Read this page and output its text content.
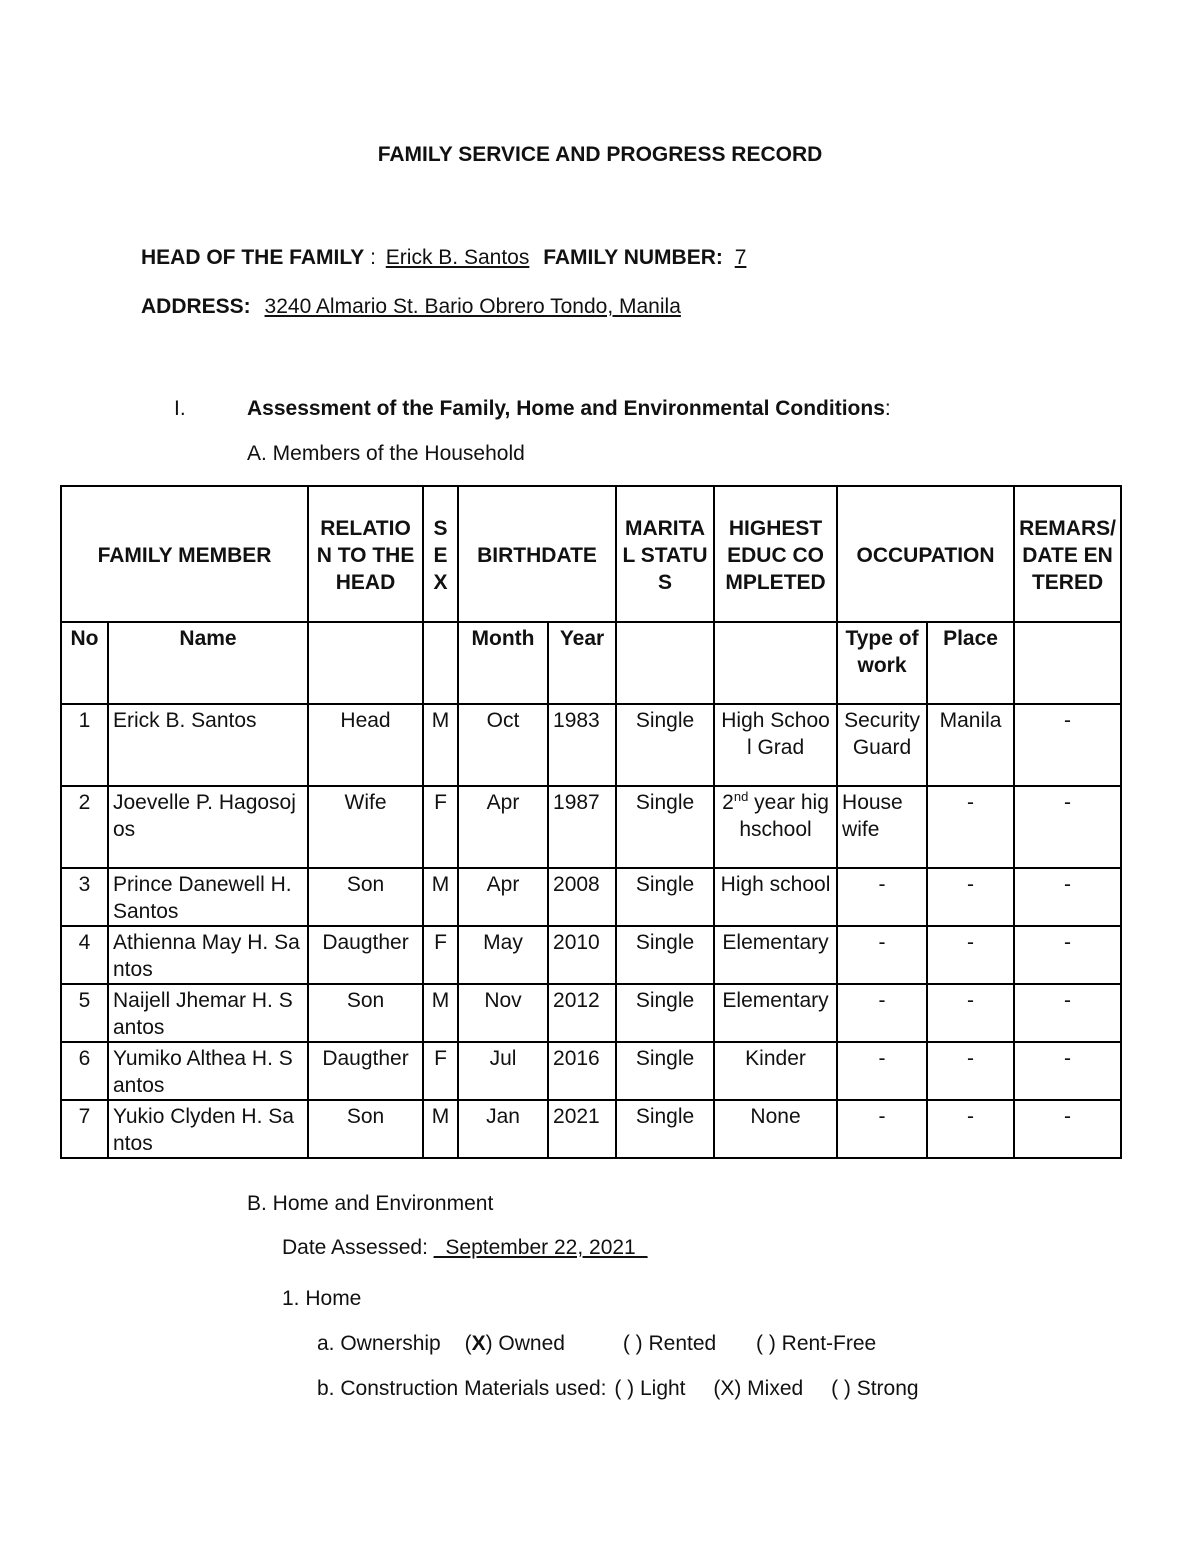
FAMILY SERVICE AND PROGRESS RECORD
HEAD OF THE FAMILY : Erick B. Santos FAMILY NUMBER: 7
ADDRESS: 3240 Almario St. Bario Obrero Tondo, Manila
I.	Assessment of the Family, Home and Environmental Conditions:
A. Members of the Household
FAMILY MEMBER		RELATION TO THE HEAD	SEX	BIRTHDATE		MARITAL STATUS	HIGHEST EDUC COMPLETED	OCCUPATION		REMARS/ DATE ENTERED
No	Name			Month	Year			Type of work	Place	
1	Erick B. Santos	Head	M	Oct	1983	Single	High School Grad	Security Guard	Manila	-
2	Joevelle P. Hagosojos	Wife	F	Apr	1987	Single	2nd year highschool	House wife	-	-
3	Prince Danewell H. Santos	Son	M	Apr	2008	Single	High school	-	-	-
4	Athienna May H. Santos	Daugther	F	May	2010	Single	Elementary	-	-	-
5	Naijell Jhemar H. Santos	Son	M	Nov	2012	Single	Elementary	-	-	-
6	Yumiko Althea H. Santos	Daugther	F	Jul	2016	Single	Kinder	-	-	-
7	Yukio Clyden H. Santos	Son	M	Jan	2021	Single	None	-	-	-
B. Home and Environment
Date Assessed: _September 22, 2021_
1. Home
a. Ownership (X) Owned	( ) Rented ( ) Rent-Free
b. Construction Materials used: ( ) Light (X) Mixed ( ) Strong
